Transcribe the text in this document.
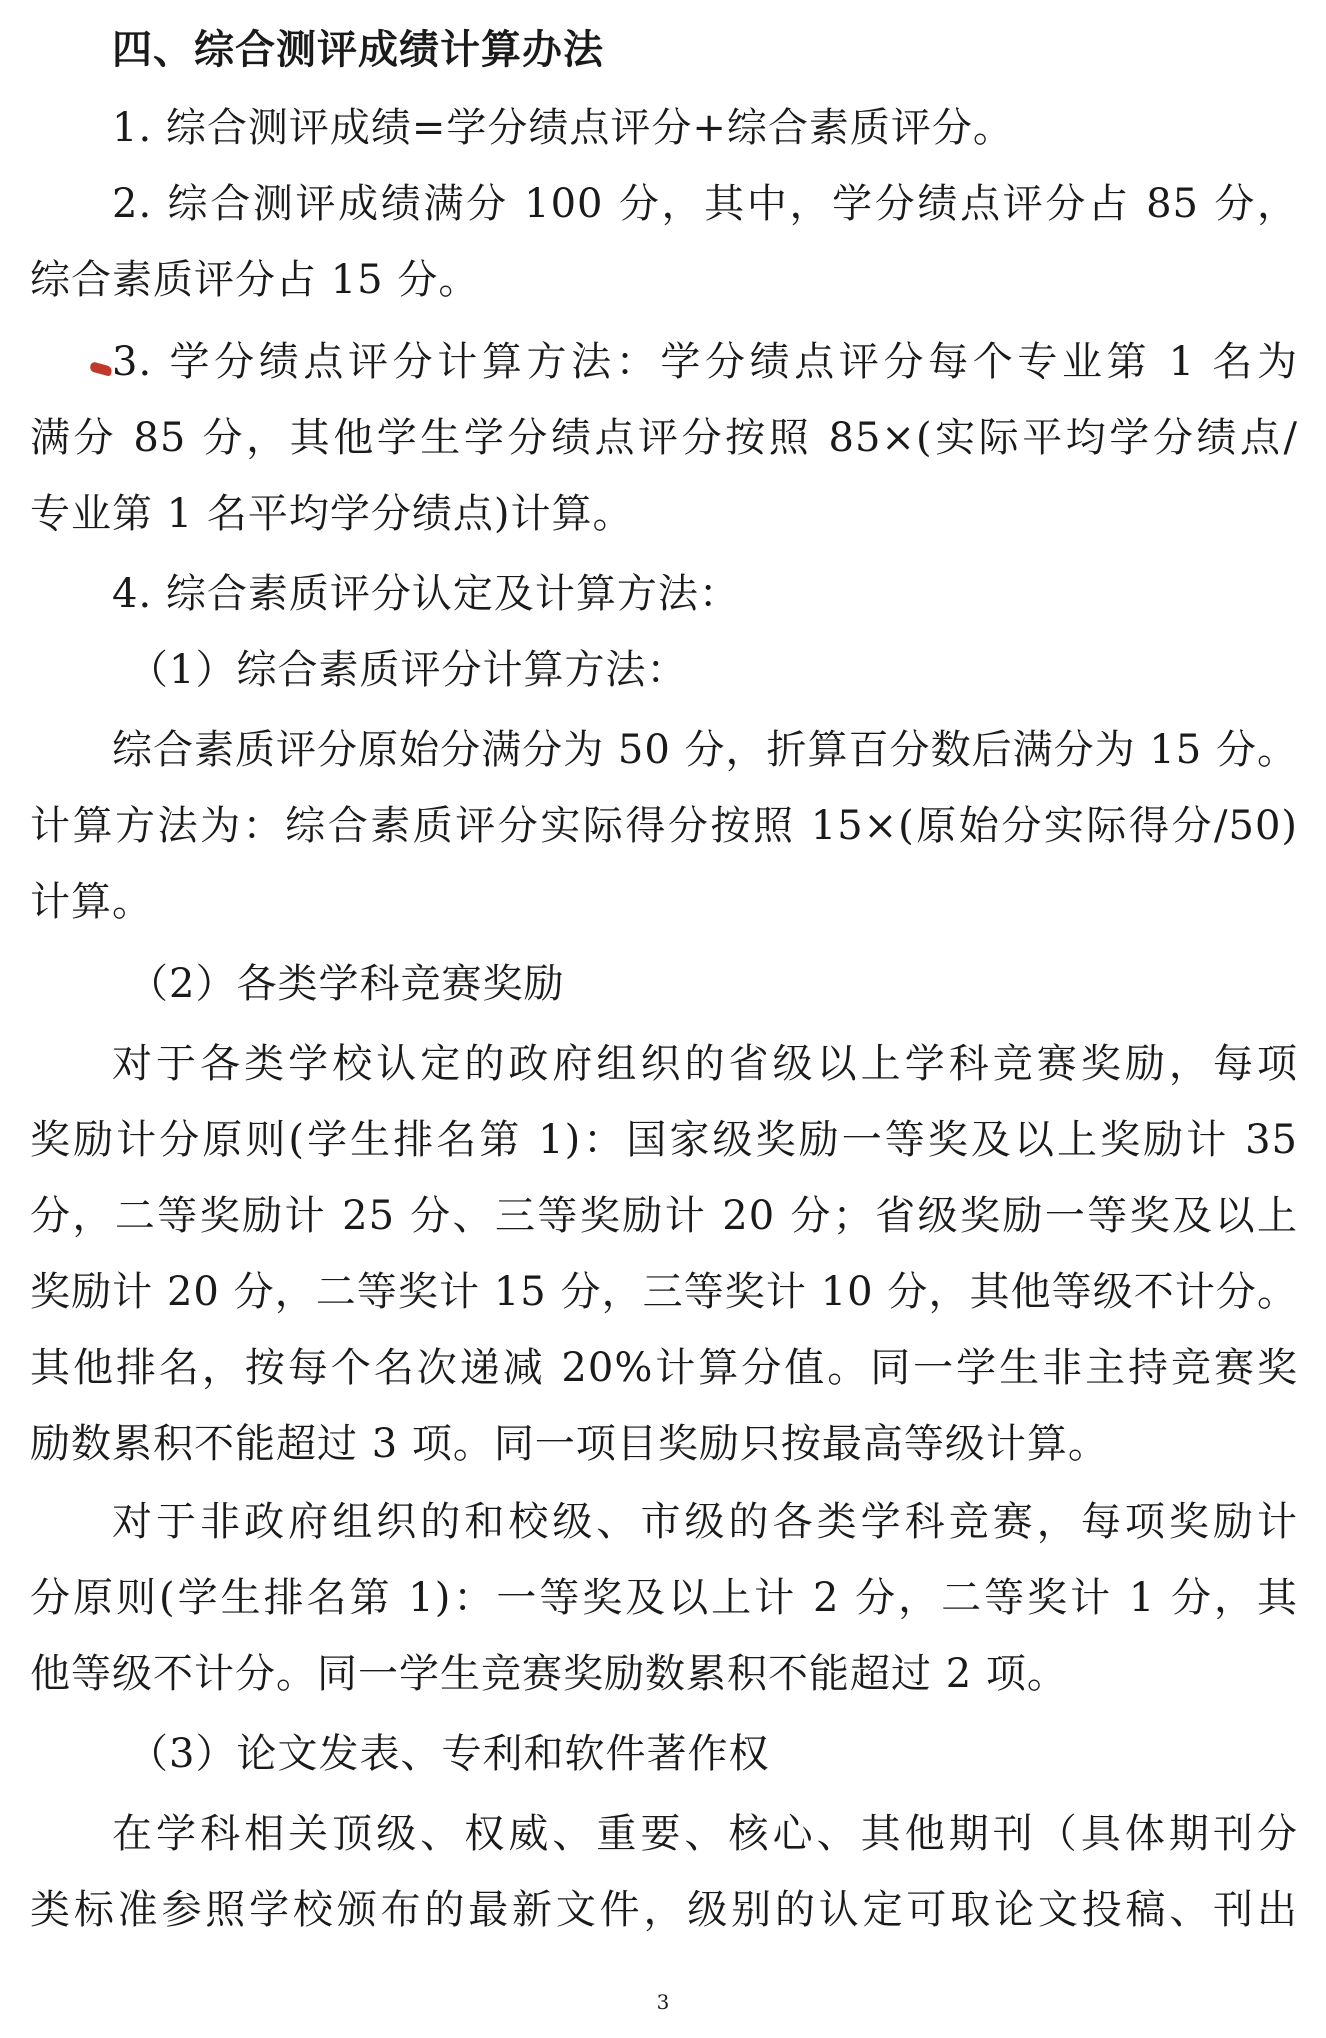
四、综合测评成绩计算办法
1. 综合测评成绩=学分绩点评分+综合素质评分。
2. 综合测评成绩满分 100 分，其中，学分绩点评分占 85 分，
综合素质评分占 15 分。
3. 学分绩点评分计算方法：学分绩点评分每个专业第 1 名为
满分 85 分，其他学生学分绩点评分按照 85×(实际平均学分绩点/
专业第 1 名平均学分绩点)计算。
4. 综合素质评分认定及计算方法：
（1）综合素质评分计算方法：
综合素质评分原始分满分为 50 分，折算百分数后满分为 15 分。
计算方法为：综合素质评分实际得分按照 15×(原始分实际得分/50)
计算。
（2）各类学科竞赛奖励
对于各类学校认定的政府组织的省级以上学科竞赛奖励，每项
奖励计分原则(学生排名第 1)：国家级奖励一等奖及以上奖励计 35
分，二等奖励计 25 分、三等奖励计 20 分；省级奖励一等奖及以上
奖励计 20 分，二等奖计 15 分，三等奖计 10 分，其他等级不计分。
其他排名，按每个名次递减 20%计算分值。同一学生非主持竞赛奖
励数累积不能超过 3 项。同一项目奖励只按最高等级计算。
对于非政府组织的和校级、市级的各类学科竞赛，每项奖励计
分原则(学生排名第 1)：一等奖及以上计 2 分，二等奖计 1 分，其
他等级不计分。同一学生竞赛奖励数累积不能超过 2 项。
（3）论文发表、专利和软件著作权
在学科相关顶级、权威、重要、核心、其他期刊（具体期刊分
类标准参照学校颁布的最新文件，级别的认定可取论文投稿、刊出
3
